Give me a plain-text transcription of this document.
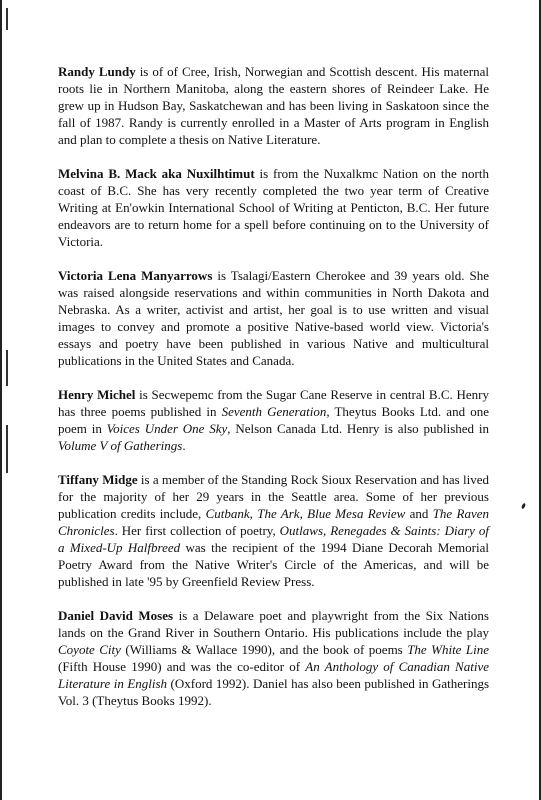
Randy Lundy is of of Cree, Irish, Norwegian and Scottish descent. His maternal roots lie in Northern Manitoba, along the eastern shores of Reindeer Lake. He grew up in Hudson Bay, Saskatchewan and has been living in Saskatoon since the fall of 1987. Randy is currently enrolled in a Master of Arts program in English and plan to complete a thesis on Native Literature.

Melvina B. Mack aka Nuxilhtimut is from the Nuxalkmc Nation on the north coast of B.C. She has very recently completed the two year term of Creative Writing at En'owkin International School of Writing at Penticton, B.C. Her future endeavors are to return home for a spell before continuing on to the University of Victoria.

Victoria Lena Manyarrows is Tsalagi/Eastern Cherokee and 39 years old. She was raised alongside reservations and within communities in North Dakota and Nebraska. As a writer, activist and artist, her goal is to use written and visual images to convey and promote a positive Native-based world view. Victoria's essays and poetry have been published in various Native and multicultural publications in the United States and Canada.

Henry Michel is Secwepemc from the Sugar Cane Reserve in central B.C. Henry has three poems published in Seventh Generation, Theytus Books Ltd. and one poem in Voices Under One Sky, Nelson Canada Ltd. Henry is also published in Volume V of Gatherings.

Tiffany Midge is a member of the Standing Rock Sioux Reservation and has lived for the majority of her 29 years in the Seattle area. Some of her previous publication credits include, Cutbank, The Ark, Blue Mesa Review and The Raven Chronicles. Her first collection of poetry, Outlaws, Renegades & Saints: Diary of a Mixed-Up Halfbreed was the recipient of the 1994 Diane Decorah Memorial Poetry Award from the Native Writer's Circle of the Americas, and will be published in late '95 by Greenfield Review Press.

Daniel David Moses is a Delaware poet and playwright from the Six Nations lands on the Grand River in Southern Ontario. His publications include the play Coyote City (Williams & Wallace 1990), and the book of poems The White Line (Fifth House 1990) and was the co-editor of An Anthology of Canadian Native Literature in English (Oxford 1992). Daniel has also been published in Gatherings Vol. 3 (Theytus Books 1992).
